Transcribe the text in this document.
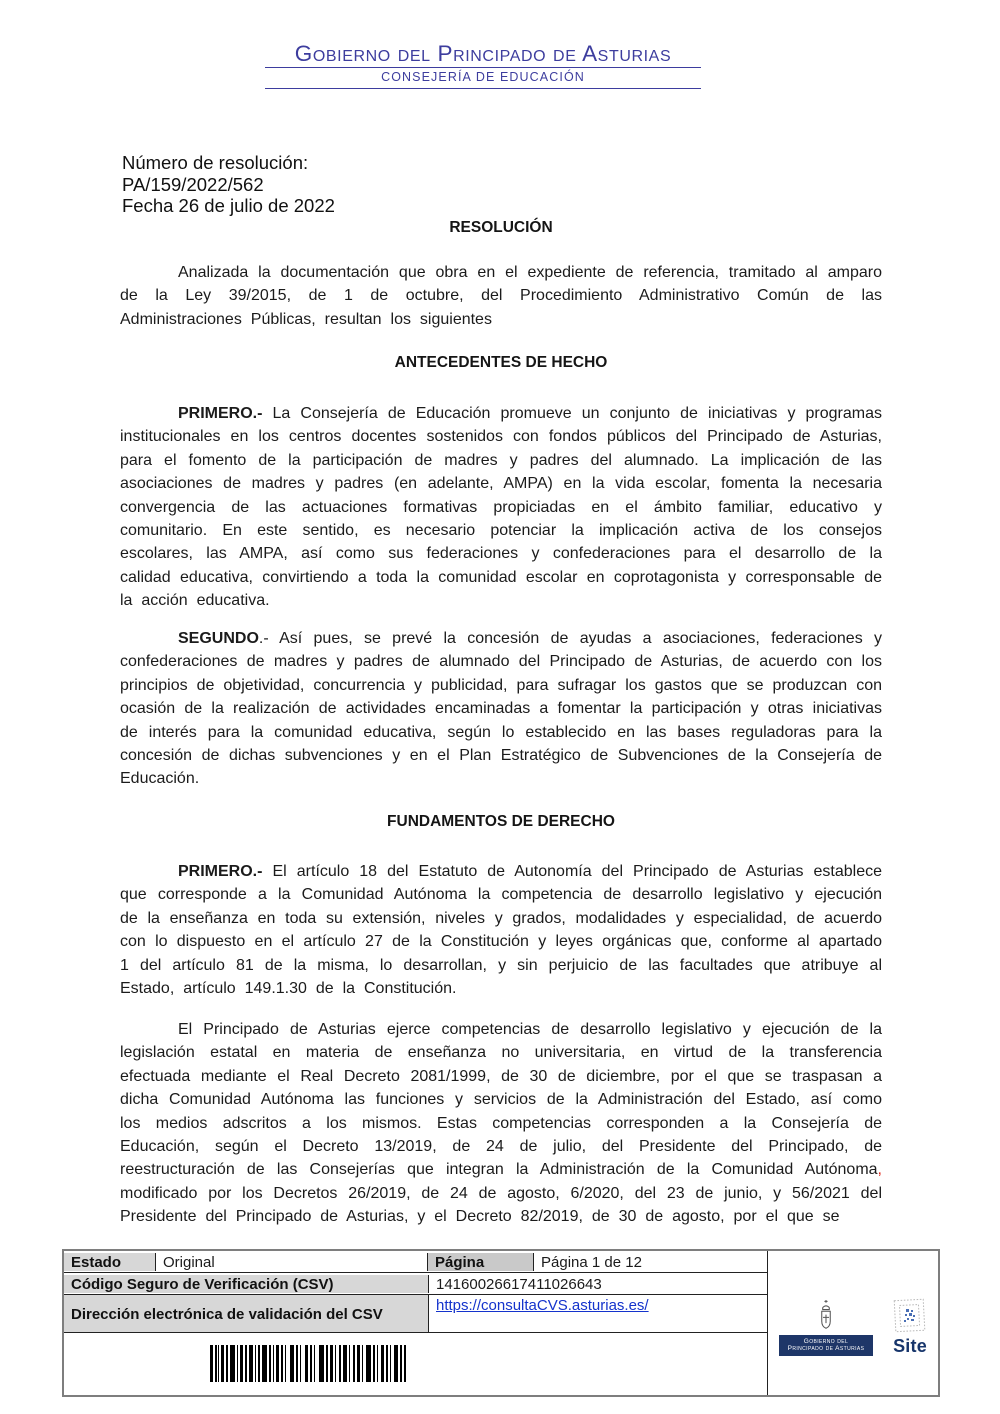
Gobierno del Principado de Asturias
CONSEJERÍA DE EDUCACIÓN
Número de resolución:
PA/159/2022/562
Fecha 26 de julio de 2022
RESOLUCIÓN

Analizada la documentación que obra en el expediente de referencia, tramitado al amparo de la Ley 39/2015, de 1 de octubre, del Procedimiento Administrativo Común de las Administraciones Públicas, resultan los siguientes

ANTECEDENTES DE HECHO

PRIMERO.- La Consejería de Educación promueve un conjunto de iniciativas y programas institucionales en los centros docentes sostenidos con fondos públicos del Principado de Asturias, para el fomento de la participación de madres y padres del alumnado. La implicación de las asociaciones de madres y padres (en adelante, AMPA) en la vida escolar, fomenta la necesaria convergencia de las actuaciones formativas propiciadas en el ámbito familiar, educativo y comunitario. En este sentido, es necesario potenciar la implicación activa de los consejos escolares, las AMPA, así como sus federaciones y confederaciones para el desarrollo de la calidad educativa, convirtiendo a toda la comunidad escolar en coprotagonista y corresponsable de la acción educativa.

SEGUNDO.- Así pues, se prevé la concesión de ayudas a asociaciones, federaciones y confederaciones de madres y padres de alumnado del Principado de Asturias, de acuerdo con los principios de objetividad, concurrencia y publicidad, para sufragar los gastos que se produzcan con ocasión de la realización de actividades encaminadas a fomentar la participación y otras iniciativas de interés para la comunidad educativa, según lo establecido en las bases reguladoras para la concesión de dichas subvenciones y en el Plan Estratégico de Subvenciones de la Consejería de Educación.

FUNDAMENTOS DE DERECHO

PRIMERO.- El artículo 18 del Estatuto de Autonomía del Principado de Asturias establece que corresponde a la Comunidad Autónoma la competencia de desarrollo legislativo y ejecución de la enseñanza en toda su extensión, niveles y grados, modalidades y especialidad, de acuerdo con lo dispuesto en el artículo 27 de la Constitución y leyes orgánicas que, conforme al apartado 1 del artículo 81 de la misma, lo desarrollan, y sin perjuicio de las facultades que atribuye al Estado, artículo 149.1.30 de la Constitución.

El Principado de Asturias ejerce competencias de desarrollo legislativo y ejecución de la legislación estatal en materia de enseñanza no universitaria, en virtud de la transferencia efectuada mediante el Real Decreto 2081/1999, de 30 de diciembre, por el que se traspasan a dicha Comunidad Autónoma las funciones y servicios de la Administración del Estado, así como los medios adscritos a los mismos. Estas competencias corresponden a la Consejería de Educación, según el Decreto 13/2019, de 24 de julio, del Presidente del Principado, de reestructuración de las Consejerías que integran la Administración de la Comunidad Autónoma, modificado por los Decretos 26/2019, de 24 de agosto, 6/2020, del 23 de junio, y 56/2021 del Presidente del Principado de Asturias, y el Decreto 82/2019, de 30 de agosto, por el que se

Estado	Original	Página	Página 1 de 12
Código Seguro de Verificación (CSV)	14160026617411026643
Dirección electrónica de validación del CSV	https://consultaCVS.asturias.es/
Gobierno del
Principado de Asturias Site
